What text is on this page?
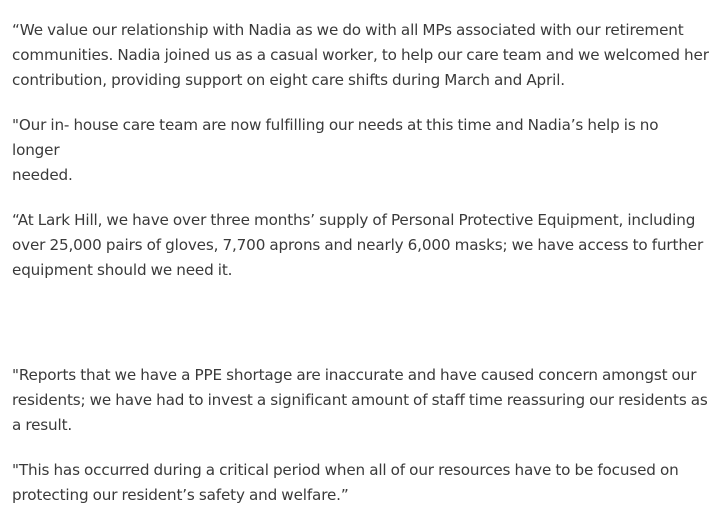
“We value our relationship with Nadia as we do with all MPs associated with our retirement
communities. Nadia joined us as a casual worker, to help our care team and we welcomed her
contribution, providing support on eight care shifts during March and April.

"Our in- house care team are now fulfilling our needs at this time and Nadia’s help is no
longer
needed.

“At Lark Hill, we have over three months’ supply of Personal Protective Equipment, including
over 25,000 pairs of gloves, 7,700 aprons and nearly 6,000 masks; we have access to further
equipment should we need it.

"Reports that we have a PPE shortage are inaccurate and have caused concern amongst our
residents; we have had to invest a significant amount of staff time reassuring our residents as
a result.

"This has occurred during a critical period when all of our resources have to be focused on
protecting our resident’s safety and welfare.”
